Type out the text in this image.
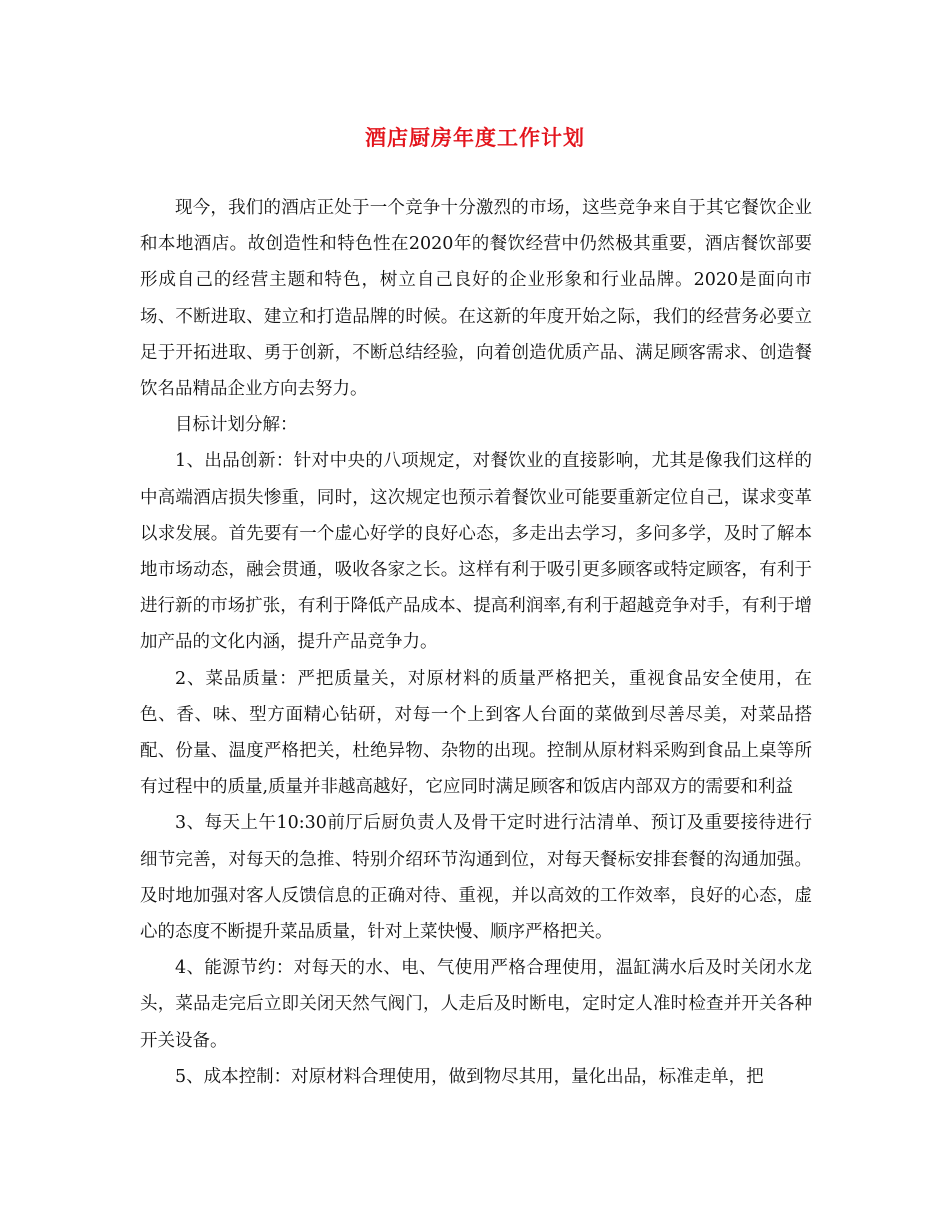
酒店厨房年度工作计划

现今，我们的酒店正处于一个竞争十分激烈的市场，这些竞争来自于其它餐饮企业和本地酒店。故创造性和特色性在2020年的餐饮经营中仍然极其重要，酒店餐饮部要形成自己的经营主题和特色，树立自己良好的企业形象和行业品牌。2020是面向市场、不断进取、建立和打造品牌的时候。在这新的年度开始之际，我们的经营务必要立足于开拓进取、勇于创新，不断总结经验，向着创造优质产品、满足顾客需求、创造餐饮名品精品企业方向去努力。

目标计划分解：

1、出品创新：针对中央的八项规定，对餐饮业的直接影响，尤其是像我们这样的中高端酒店损失惨重，同时，这次规定也预示着餐饮业可能要重新定位自己，谋求变革以求发展。首先要有一个虚心好学的良好心态，多走出去学习，多问多学，及时了解本地市场动态，融会贯通，吸收各家之长。这样有利于吸引更多顾客或特定顾客，有利于进行新的市场扩张，有利于降低产品成本、提高利润率,有利于超越竞争对手，有利于增加产品的文化内涵，提升产品竞争力。

2、菜品质量：严把质量关，对原材料的质量严格把关，重视食品安全使用，在色、香、味、型方面精心钻研，对每一个上到客人台面的菜做到尽善尽美，对菜品搭配、份量、温度严格把关，杜绝异物、杂物的出现。控制从原材料采购到食品上桌等所有过程中的质量,质量并非越高越好，它应同时满足顾客和饭店内部双方的需要和利益

3、每天上午10:30前厅后厨负责人及骨干定时进行沽清单、预订及重要接待进行细节完善，对每天的急推、特别介绍环节沟通到位，对每天餐标安排套餐的沟通加强。及时地加强对客人反馈信息的正确对待、重视，并以高效的工作效率，良好的心态，虚心的态度不断提升菜品质量，针对上菜快慢、顺序严格把关。

4、能源节约：对每天的水、电、气使用严格合理使用，温缸满水后及时关闭水龙头，菜品走完后立即关闭天然气阀门，人走后及时断电，定时定人准时检查并开关各种开关设备。

5、成本控制：对原材料合理使用，做到物尽其用，量化出品，标准走单，把
